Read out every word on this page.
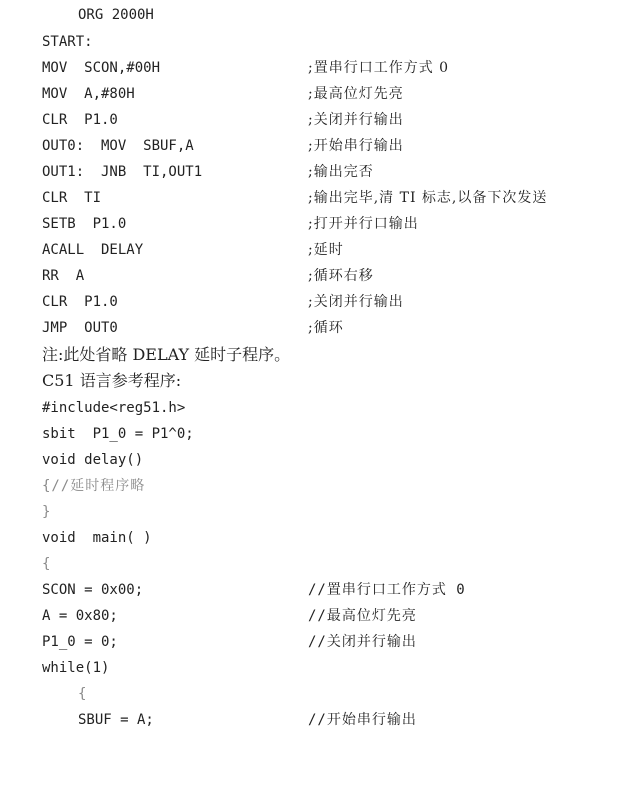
ORG 2000H
START:
MOV  SCON,#00H	;置串行口工作方式 0
MOV  A,#80H	;最高位灯先亮
CLR  P1.0	;关闭并行输出
OUT0:  MOV  SBUF,A	;开始串行输出
OUT1:  JNB  TI,OUT1	;输出完否
CLR  TI	;输出完毕,清 TI 标志,以备下次发送
SETB  P1.0	;打开并行口输出
ACALL  DELAY	;延时
RR  A	;循环右移
CLR  P1.0	;关闭并行输出
JMP  OUT0	;循环
注:此处省略 DELAY 延时子程序。
C51 语言参考程序:
#include<reg51.h>
sbit  P1_0 = P1^0;
void delay()
{//延时程序略
}
void  main( )
{
SCON = 0x00;	//置串行口工作方式 0
A = 0x80;	//最高位灯先亮
P1_0 = 0;	//关闭并行输出
while(1)
{
SBUF = A;	//开始串行输出
